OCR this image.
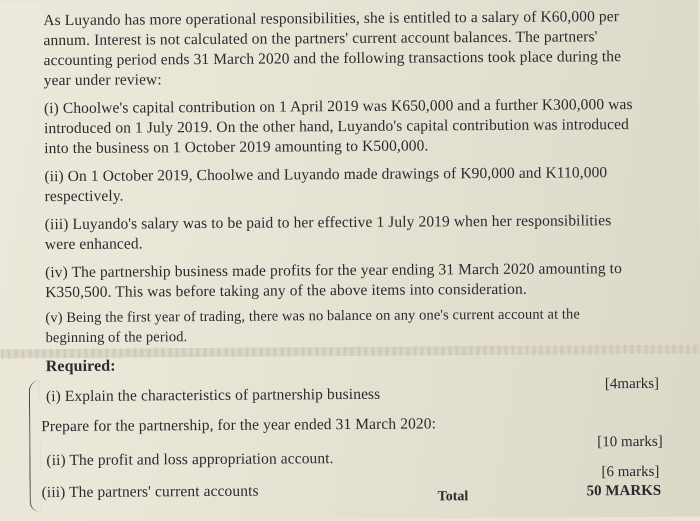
As Luyando has more operational responsibilities, she is entitled to a salary of K60,000 per
annum. Interest is not calculated on the partners' current account balances. The partners'
accounting period ends 31 March 2020 and the following transactions took place during the
year under review:
(i) Choolwe's capital contribution on 1 April 2019 was K650,000 and a further K300,000 was
introduced on 1 July 2019. On the other hand, Luyando's capital contribution was introduced
into the business on 1 October 2019 amounting to K500,000.
(ii) On 1 October 2019, Choolwe and Luyando made drawings of K90,000 and K110,000
respectively.
(iii) Luyando's salary was to be paid to her effective 1 July 2019 when her responsibilities
were enhanced.
(iv) The partnership business made profits for the year ending 31 March 2020 amounting to
K350,500. This was before taking any of the above items into consideration.
(v) Being the first year of trading, there was no balance on any one's current account at the
beginning of the period.
Required:
(i) Explain the characteristics of partnership business
[4marks]
Prepare for the partnership, for the year ended 31 March 2020:
[10 marks]
(ii) The profit and loss appropriation account.
[6 marks]
(iii) The partners' current accounts	Total	50 MARKS
